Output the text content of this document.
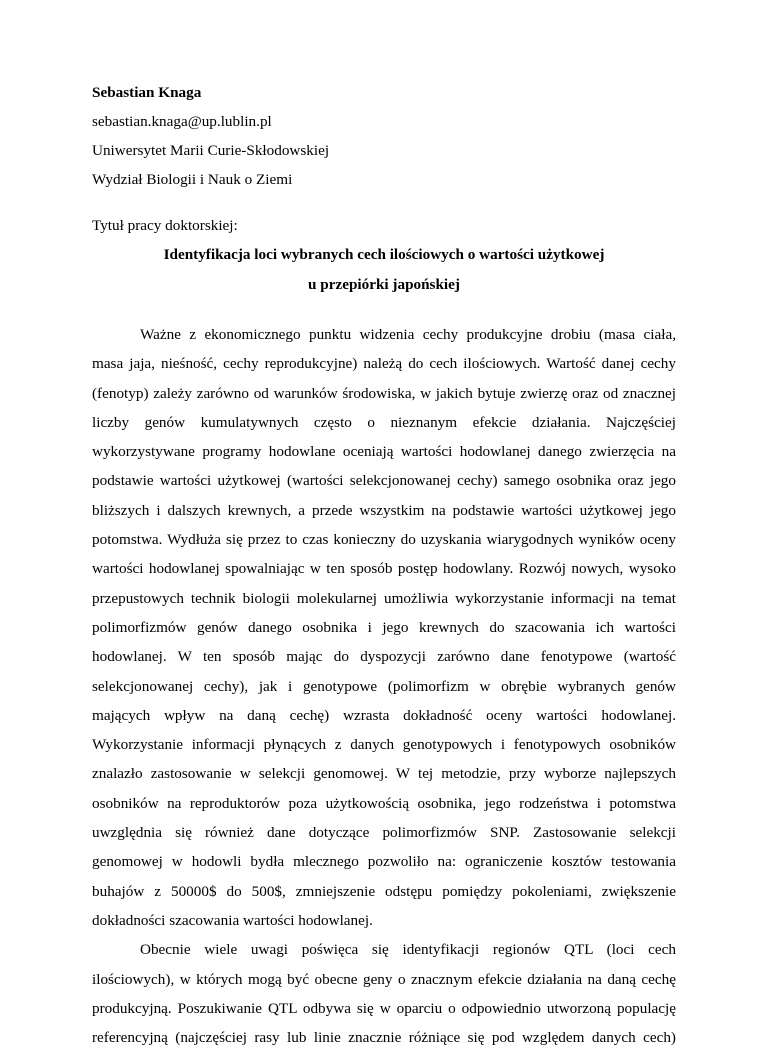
Sebastian Knaga
sebastian.knaga@up.lublin.pl
Uniwersytet Marii Curie-Skłodowskiej
Wydział Biologii i Nauk o Ziemi
Tytuł pracy doktorskiej:
Identyfikacja loci wybranych cech ilościowych o wartości użytkowej
u przepiórki japońskiej
Ważne z ekonomicznego punktu widzenia cechy produkcyjne drobiu (masa ciała,
masa jaja, nieśność, cechy reprodukcyjne) należą do cech ilościowych. Wartość danej cechy
(fenotyp) zależy zarówno od warunków środowiska, w jakich bytuje zwierzę oraz od znacznej
liczby genów kumulatywnych często o nieznanym efekcie działania. Najczęściej
wykorzystywane programy hodowlane oceniają wartości hodowlanej danego zwierzęcia na
podstawie wartości użytkowej (wartości selekcjonowanej cechy) samego osobnika oraz jego
bliższych i dalszych krewnych, a przede wszystkim na podstawie wartości użytkowej jego
potomstwa. Wydłuża się przez to czas konieczny do uzyskania wiarygodnych wyników oceny
wartości hodowlanej spowalniając w ten sposób postęp hodowlany. Rozwój nowych, wysoko
przepustowych technik biologii molekularnej umożliwia wykorzystanie informacji na temat
polimorfizmów genów danego osobnika i jego krewnych do szacowania ich wartości
hodowlanej. W ten sposób mając do dyspozycji zarówno dane fenotypowe (wartość
selekcjonowanej cechy), jak i genotypowe (polimorfizm w obrębie wybranych genów
mających wpływ na daną cechę) wzrasta dokładność oceny wartości hodowlanej.
Wykorzystanie informacji płynących z danych genotypowych i fenotypowych osobników
znalazło zastosowanie w selekcji genomowej. W tej metodzie, przy wyborze najlepszych
osobników na reproduktorów poza użytkowością osobnika, jego rodzeństwa i potomstwa
uwzględnia się również dane dotyczące polimorfizmów SNP. Zastosowanie selekcji
genomowej w hodowli bydła mlecznego pozwoliło na: ograniczenie kosztów testowania
buhajów z 50000$ do 500$, zmniejszenie odstępu pomiędzy pokoleniami, zwiększenie
dokładności szacowania wartości hodowlanej.
Obecnie wiele uwagi poświęca się identyfikacji regionów QTL (loci cech
ilościowych), w których mogą być obecne geny o znacznym efekcie działania na daną cechę
produkcyjną. Poszukiwanie QTL odbywa się w oparciu o odpowiednio utworzoną populację
referencyjną (najczęściej rasy lub linie znacznie różniące się pod względem danych cech)
